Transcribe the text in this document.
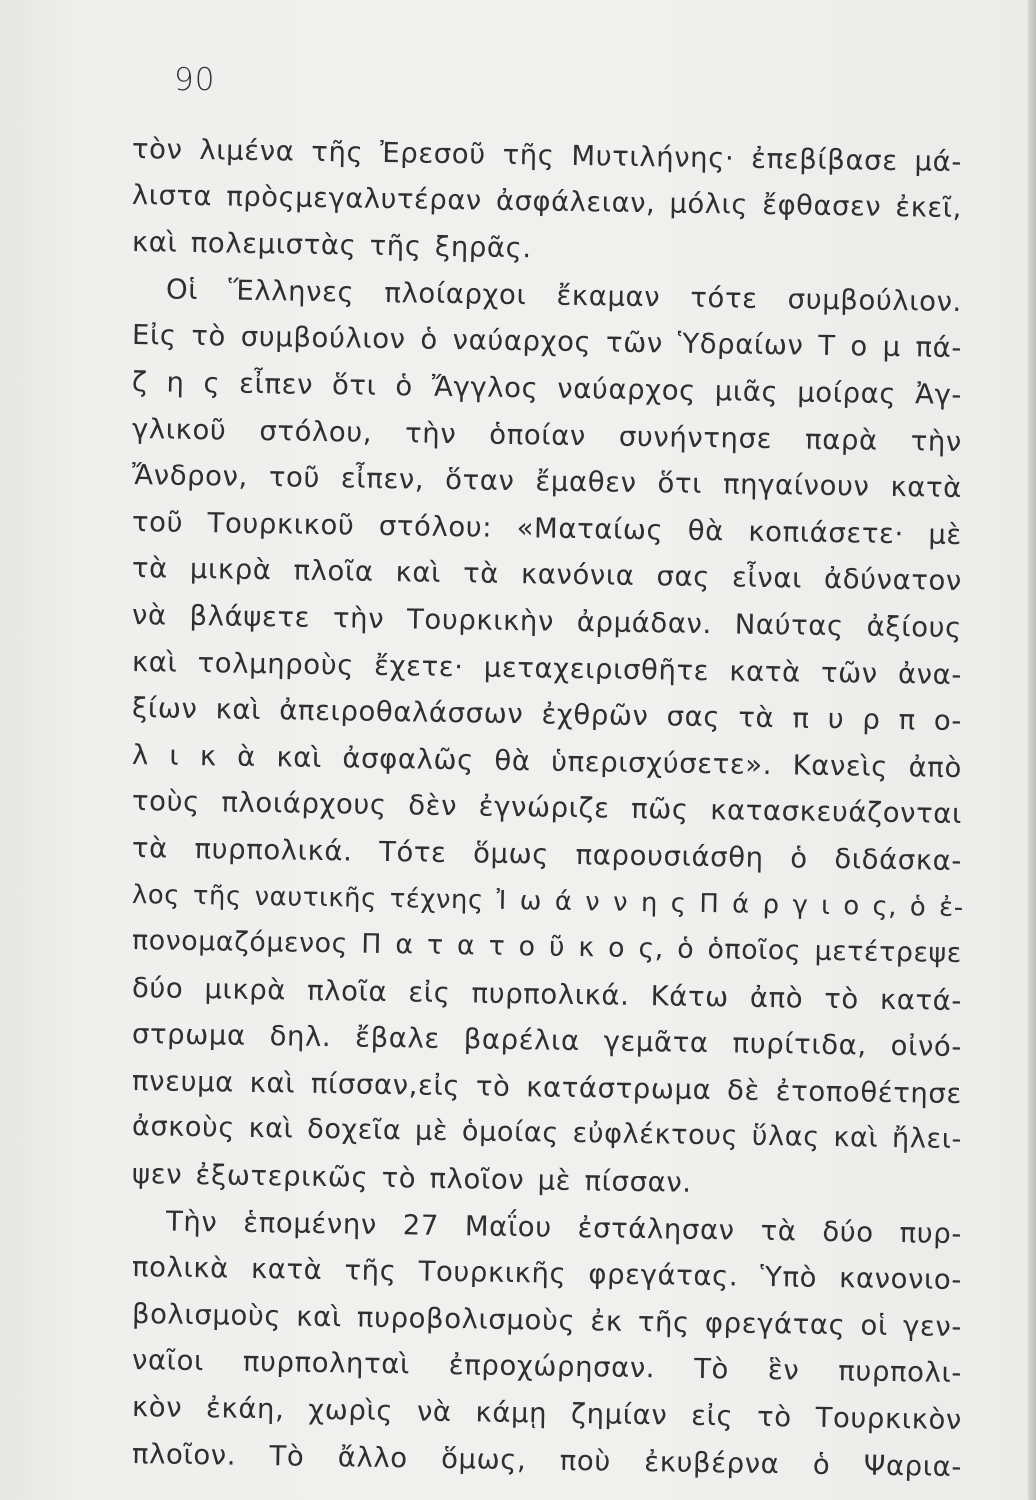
90
τὸν λιμένα τῆς Ἐρεσοῦ τῆς Μυτιλήνης· ἐπεβίβασε μά-
λιστα πρὸςμεγαλυτέραν ἀσφάλειαν, μόλις ἔφθασεν ἐκεῖ,
καὶ πολεμιστὰς τῆς ξηρᾶς.
Οἱ Ἕλληνες πλοίαρχοι ἔκαμαν τότε συμβούλιον.
Εἰς τὸ συμβούλιον ὁ ναύαρχος τῶν Ὑδραίων Τ ο μ πά-
ζ η ς εἶπεν ὅτι ὁ Ἄγγλος ναύαρχος μιᾶς μοίρας Ἀγ-
γλικοῦ στόλου, τὴν ὁποίαν συνήντησε παρὰ τὴν
Ἄνδρον, τοῦ εἶπεν, ὅταν ἔμαθεν ὅτι πηγαίνουν κατὰ
τοῦ Τουρκικοῦ στόλου: «Ματαίως θὰ κοπιάσετε· μὲ
τὰ μικρὰ πλοῖα καὶ τὰ κανόνια σας εἶναι ἀδύνατον
νὰ βλάψετε τὴν Τουρκικὴν ἀρμάδαν. Ναύτας ἀξίους
καὶ τολμηροὺς ἔχετε· μεταχειρισθῆτε κατὰ τῶν ἀνα-
ξίων καὶ ἀπειροθαλάσσων ἐχθρῶν σας τὰ π υ ρ π ο-
λ ι κ ὰ καὶ ἀσφαλῶς θὰ ὑπερισχύσετε». Κανεὶς ἀπὸ
τοὺς πλοιάρχους δὲν ἐγνώριζε πῶς κατασκευάζονται
τὰ πυρπολικά. Τότε ὅμως παρουσιάσθη ὁ διδάσκα-
λος τῆς ναυτικῆς τέχνης Ἰ ω ά ν ν η ς Π ά ρ γ ι ο ς, ὁ ἐ-
πονομαζόμενος Π α τ α τ ο ῦ κ ο ς, ὁ ὁποῖος μετέτρεψε
δύο μικρὰ πλοῖα εἰς πυρπολικά. Κάτω ἀπὸ τὸ κατά-
στρωμα δηλ. ἔβαλε βαρέλια γεμᾶτα πυρίτιδα, οἰνό-
πνευμα καὶ πίσσαν,εἰς τὸ κατάστρωμα δὲ ἐτοποθέτησε
ἀσκοὺς καὶ δοχεῖα μὲ ὁμοίας εὐφλέκτους ὕλας καὶ ἤλει-
ψεν ἐξωτερικῶς τὸ πλοῖον μὲ πίσσαν.
Τὴν ἑπομένην 27 Μαΐου ἐστάλησαν τὰ δύο πυρ-
πολικὰ κατὰ τῆς Τουρκικῆς φρεγάτας. Ὑπὸ κανονιο-
βολισμοὺς καὶ πυροβολισμοὺς ἐκ τῆς φρεγάτας οἱ γεν-
ναῖοι πυρποληταὶ ἐπροχώρησαν. Τὸ ἓν πυρπολι-
κὸν ἐκάη, χωρὶς νὰ κάμῃ ζημίαν εἰς τὸ Τουρκικὸν
πλοῖον. Τὸ ἄλλο ὅμως, ποὺ ἐκυβέρνα ὁ Ψαρια-
